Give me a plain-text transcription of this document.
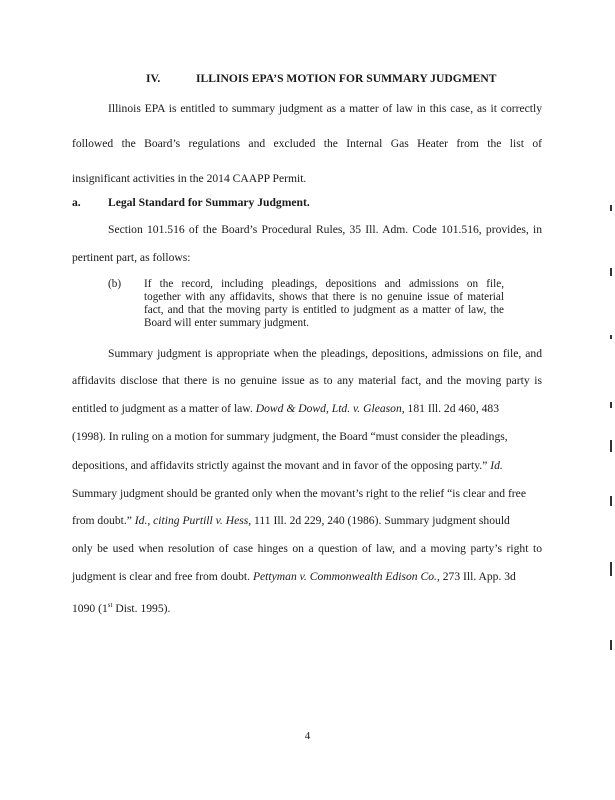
IV.	ILLINOIS EPA’S MOTION FOR SUMMARY JUDGMENT
Illinois EPA is entitled to summary judgment as a matter of law in this case, as it correctly
followed the Board’s regulations and excluded the Internal Gas Heater from the list of
insignificant activities in the 2014 CAAPP Permit.
a. Legal Standard for Summary Judgment.
Section 101.516 of the Board’s Procedural Rules, 35 Ill. Adm. Code 101.516, provides, in
pertinent part, as follows:
(b) If the record, including pleadings, depositions and admissions on file,
together with any affidavits, shows that there is no genuine issue of material
fact, and that the moving party is entitled to judgment as a matter of law, the
Board will enter summary judgment.
Summary judgment is appropriate when the pleadings, depositions, admissions on file, and
affidavits disclose that there is no genuine issue as to any material fact, and the moving party is
entitled to judgment as a matter of law. Dowd & Dowd, Ltd. v. Gleason, 181 Ill. 2d 460, 483
(1998). In ruling on a motion for summary judgment, the Board “must consider the pleadings,
depositions, and affidavits strictly against the movant and in favor of the opposing party.” Id.
Summary judgment should be granted only when the movant’s right to the relief “is clear and free
from doubt.” Id., citing Purtill v. Hess, 111 Ill. 2d 229, 240 (1986). Summary judgment should
only be used when resolution of case hinges on a question of law, and a moving party’s right to
judgment is clear and free from doubt. Pettyman v. Commonwealth Edison Co., 273 Ill. App. 3d
1090 (1st Dist. 1995).
4
